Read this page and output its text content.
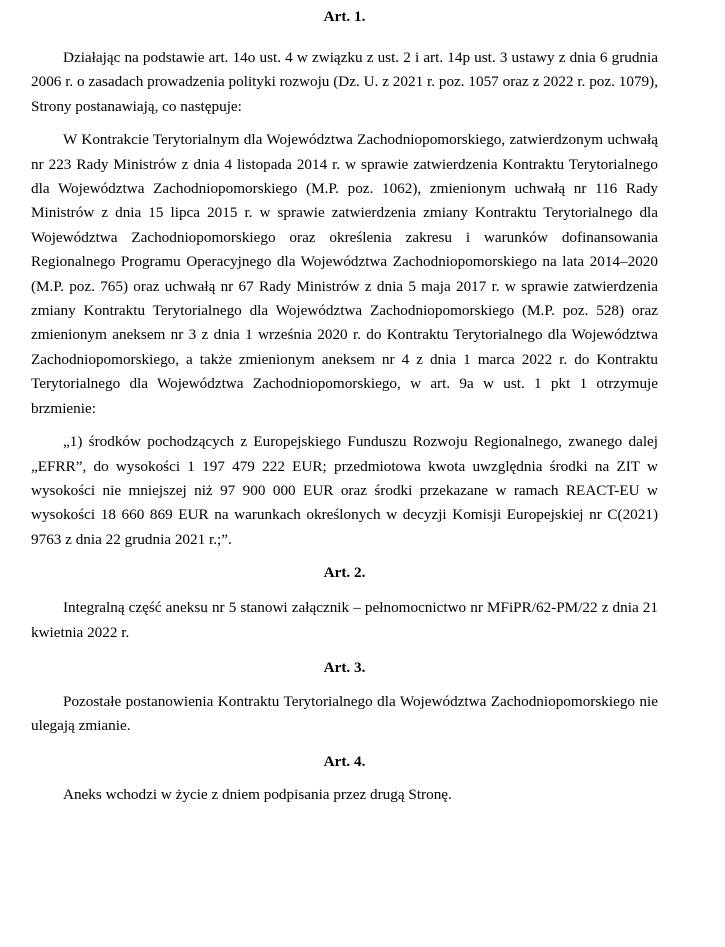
Art. 1.

Działając na podstawie art. 14o ust. 4 w związku z ust. 2 i art. 14p ust. 3 ustawy z dnia 6 grudnia 2006 r. o zasadach prowadzenia polityki rozwoju (Dz. U. z 2021 r. poz. 1057 oraz z 2022 r. poz. 1079), Strony postanawiają, co następuje:

W Kontrakcie Terytorialnym dla Województwa Zachodniopomorskiego, zatwierdzonym uchwałą nr 223 Rady Ministrów z dnia 4 listopada 2014 r. w sprawie zatwierdzenia Kontraktu Terytorialnego dla Województwa Zachodniopomorskiego (M.P. poz. 1062), zmienionym uchwałą nr 116 Rady Ministrów z dnia 15 lipca 2015 r. w sprawie zatwierdzenia zmiany Kontraktu Terytorialnego dla Województwa Zachodniopomorskiego oraz określenia zakresu i warunków dofinansowania Regionalnego Programu Operacyjnego dla Województwa Zachodniopomorskiego na lata 2014–2020 (M.P. poz. 765) oraz uchwałą nr 67 Rady Ministrów z dnia 5 maja 2017 r. w sprawie zatwierdzenia zmiany Kontraktu Terytorialnego dla Województwa Zachodniopomorskiego (M.P. poz. 528) oraz zmienionym aneksem nr 3 z dnia 1 września 2020 r. do Kontraktu Terytorialnego dla Województwa Zachodniopomorskiego, a także zmienionym aneksem nr 4 z dnia 1 marca 2022 r. do Kontraktu Terytorialnego dla Województwa Zachodniopomorskiego, w art. 9a w ust. 1 pkt 1 otrzymuje brzmienie:

„1) środków pochodzących z Europejskiego Funduszu Rozwoju Regionalnego, zwanego dalej „EFRR”, do wysokości 1 197 479 222 EUR; przedmiotowa kwota uwzględnia środki na ZIT w wysokości nie mniejszej niż 97 900 000 EUR oraz środki przekazane w ramach REACT-EU w wysokości 18 660 869 EUR na warunkach określonych w decyzji Komisji Europejskiej nr C(2021) 9763 z dnia 22 grudnia 2021 r.;”.

Art. 2.

Integralną część aneksu nr 5 stanowi załącznik – pełnomocnictwo nr MFiPR/62-PM/22 z dnia 21 kwietnia 2022 r.

Art. 3.

Pozostałe postanowienia Kontraktu Terytorialnego dla Województwa Zachodniopomorskiego nie ulegają zmianie.

Art. 4.

Aneks wchodzi w życie z dniem podpisania przez drugą Stronę.
